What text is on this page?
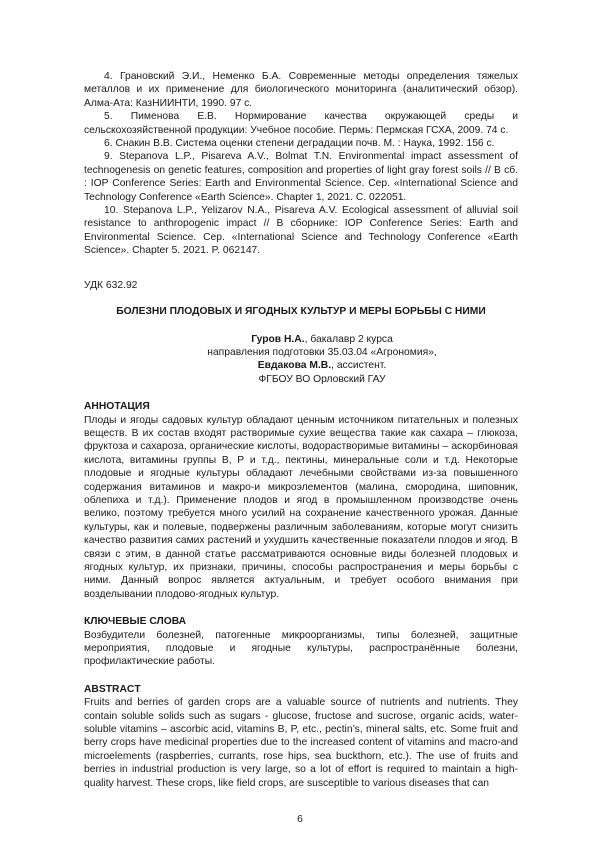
4. Грановский Э.И., Неменко Б.А. Современные методы определения тяжелых металлов и их применение для биологического мониторинга (аналитический обзор). Алма-Ата: КазНИИНТИ, 1990. 97 с.

5. Пименова Е.В. Нормирование качества окружающей среды и сельскохозяйственной продукции: Учебное пособие. Пермь: Пермская ГСХА, 2009. 74 с.

6. Снакин В.В. Система оценки степени деградации почв. М. : Наука, 1992. 156 с.

9. Stepanova L.P., Pisareva A.V., Bolmat T.N. Environmental impact assessment of technogenesis on genetic features, composition and properties of light gray forest soils // В сб. : IOP Conference Series: Earth and Environmental Science. Сер. «International Science and Technology Conference «Earth Science». Chapter 1, 2021. С. 022051.

10. Stepanova L.P., Yelizarov N.A., Pisareva A.V. Ecological assessment of alluvial soil resistance to anthropogenic impact // В сборнике: IOP Conference Series: Earth and Environmental Science. Сер. «International Science and Technology Conference «Earth Science». Chapter 5. 2021. P. 062147.

УДК 632.92
БОЛЕЗНИ ПЛОДОВЫХ И ЯГОДНЫХ КУЛЬТУР И МЕРЫ БОРЬБЫ С НИМИ
Гуров Н.А., бакалавр 2 курса
направления подготовки 35.03.04 «Агрономия»,
Евдакова М.В., ассистент.
ФГБОУ ВО Орловский ГАУ
АННОТАЦИЯ

Плоды и ягоды садовых культур обладают ценным источником питательных и полезных веществ. В их состав входят растворимые сухие вещества такие как сахара – глюкоза, фруктоза и сахароза, органические кислоты, водорастворимые витамины – аскорбиновая кислота, витамины группы В, Р и т.д., пектины, минеральные соли и т.д. Некоторые плодовые и ягодные культуры обладают лечебными свойствами из-за повышенного содержания витаминов и макро-и микроэлементов (малина, смородина, шиповник, облепиха и т.д.). Применение плодов и ягод в промышленном производстве очень велико, поэтому требуется много усилий на сохранение качественного урожая. Данные культуры, как и полевые, подвержены различным заболеваниям, которые могут снизить качество развития самих растений и ухудшить качественные показатели плодов и ягод. В связи с этим, в данной статье рассматриваются основные виды болезней плодовых и ягодных культур, их признаки, причины, способы распространения и меры борьбы с ними. Данный вопрос является актуальным, и требует особого внимания при возделывании плодово-ягодных культур.

КЛЮЧЕВЫЕ СЛОВА

Возбудители болезней, патогенные микроорганизмы, типы болезней, защитные мероприятия, плодовые и ягодные культуры, распространённые болезни, профилактические работы.

ABSTRACT

Fruits and berries of garden crops are a valuable source of nutrients and nutrients. They contain soluble solids such as sugars - glucose, fructose and sucrose, organic acids, water-soluble vitamins – ascorbic acid, vitamins B, P, etc., pectin’s, mineral salts, etc. Some fruit and berry crops have medicinal properties due to the increased content of vitamins and macro-and microelements (raspberries, currants, rose hips, sea buckthorn, etc.). The use of fruits and berries in industrial production is very large, so a lot of effort is required to maintain a high-quality harvest. These crops, like field crops, are susceptible to various diseases that can

6
